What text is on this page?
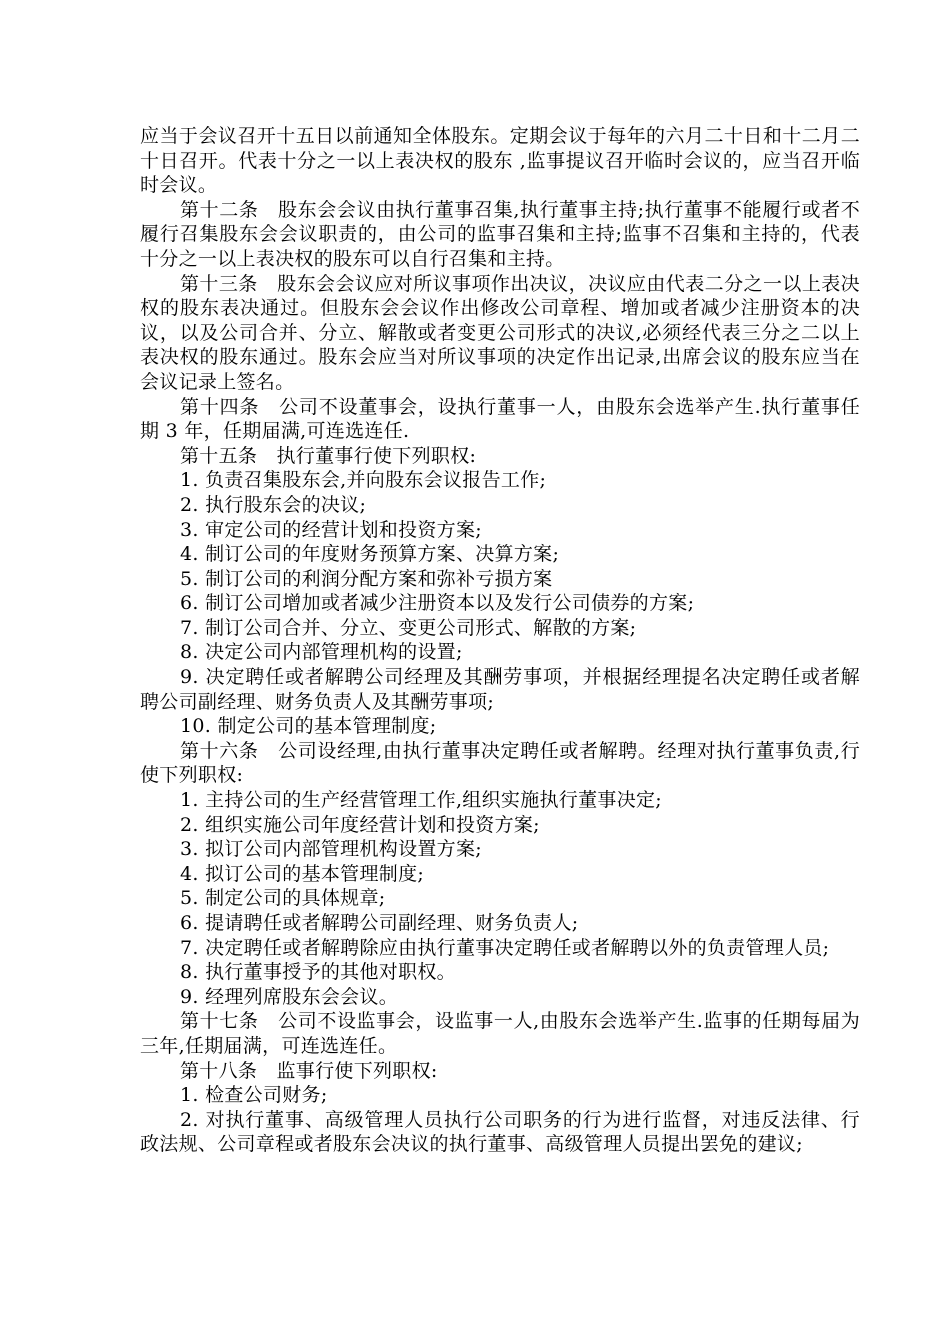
应当于会议召开十五日以前通知全体股东。定期会议于每年的六月二十日和十二月二十日召开。代表十分之一以上表决权的股东 ,监事提议召开临时会议的，应当召开临时会议。

第十二条　股东会会议由执行董事召集,执行董事主持;执行董事不能履行或者不履行召集股东会会议职责的，由公司的监事召集和主持;监事不召集和主持的，代表十分之一以上表决权的股东可以自行召集和主持。

第十三条　股东会会议应对所议事项作出决议，决议应由代表二分之一以上表决权的股东表决通过。但股东会会议作出修改公司章程、增加或者减少注册资本的决议，以及公司合并、分立、解散或者变更公司形式的决议,必须经代表三分之二以上表决权的股东通过。股东会应当对所议事项的决定作出记录,出席会议的股东应当在会议记录上签名。

第十四条　公司不设董事会，设执行董事一人，由股东会选举产生.执行董事任期 3 年，任期届满,可连选连任.

第十五条　执行董事行使下列职权:

1. 负责召集股东会,并向股东会议报告工作;

2. 执行股东会的决议;

3. 审定公司的经营计划和投资方案;

4. 制订公司的年度财务预算方案、决算方案;

5. 制订公司的利润分配方案和弥补亏损方案

6. 制订公司增加或者减少注册资本以及发行公司债券的方案;

7. 制订公司合并、分立、变更公司形式、解散的方案;

8. 决定公司内部管理机构的设置;

9. 决定聘任或者解聘公司经理及其酬劳事项，并根据经理提名决定聘任或者解聘公司副经理、财务负责人及其酬劳事项;

10. 制定公司的基本管理制度;

第十六条　公司设经理,由执行董事决定聘任或者解聘。经理对执行董事负责,行使下列职权:

1. 主持公司的生产经营管理工作,组织实施执行董事决定;

2. 组织实施公司年度经营计划和投资方案;

3. 拟订公司内部管理机构设置方案;

4. 拟订公司的基本管理制度;

5. 制定公司的具体规章;

6. 提请聘任或者解聘公司副经理、财务负责人;

7. 决定聘任或者解聘除应由执行董事决定聘任或者解聘以外的负责管理人员;

8. 执行董事授予的其他对职权。

9. 经理列席股东会会议。

第十七条　公司不设监事会，设监事一人,由股东会选举产生.监事的任期每届为三年,任期届满，可连选连任。

第十八条　监事行使下列职权:

1. 检查公司财务;

2. 对执行董事、高级管理人员执行公司职务的行为进行监督，对违反法律、行政法规、公司章程或者股东会决议的执行董事、高级管理人员提出罢免的建议;
